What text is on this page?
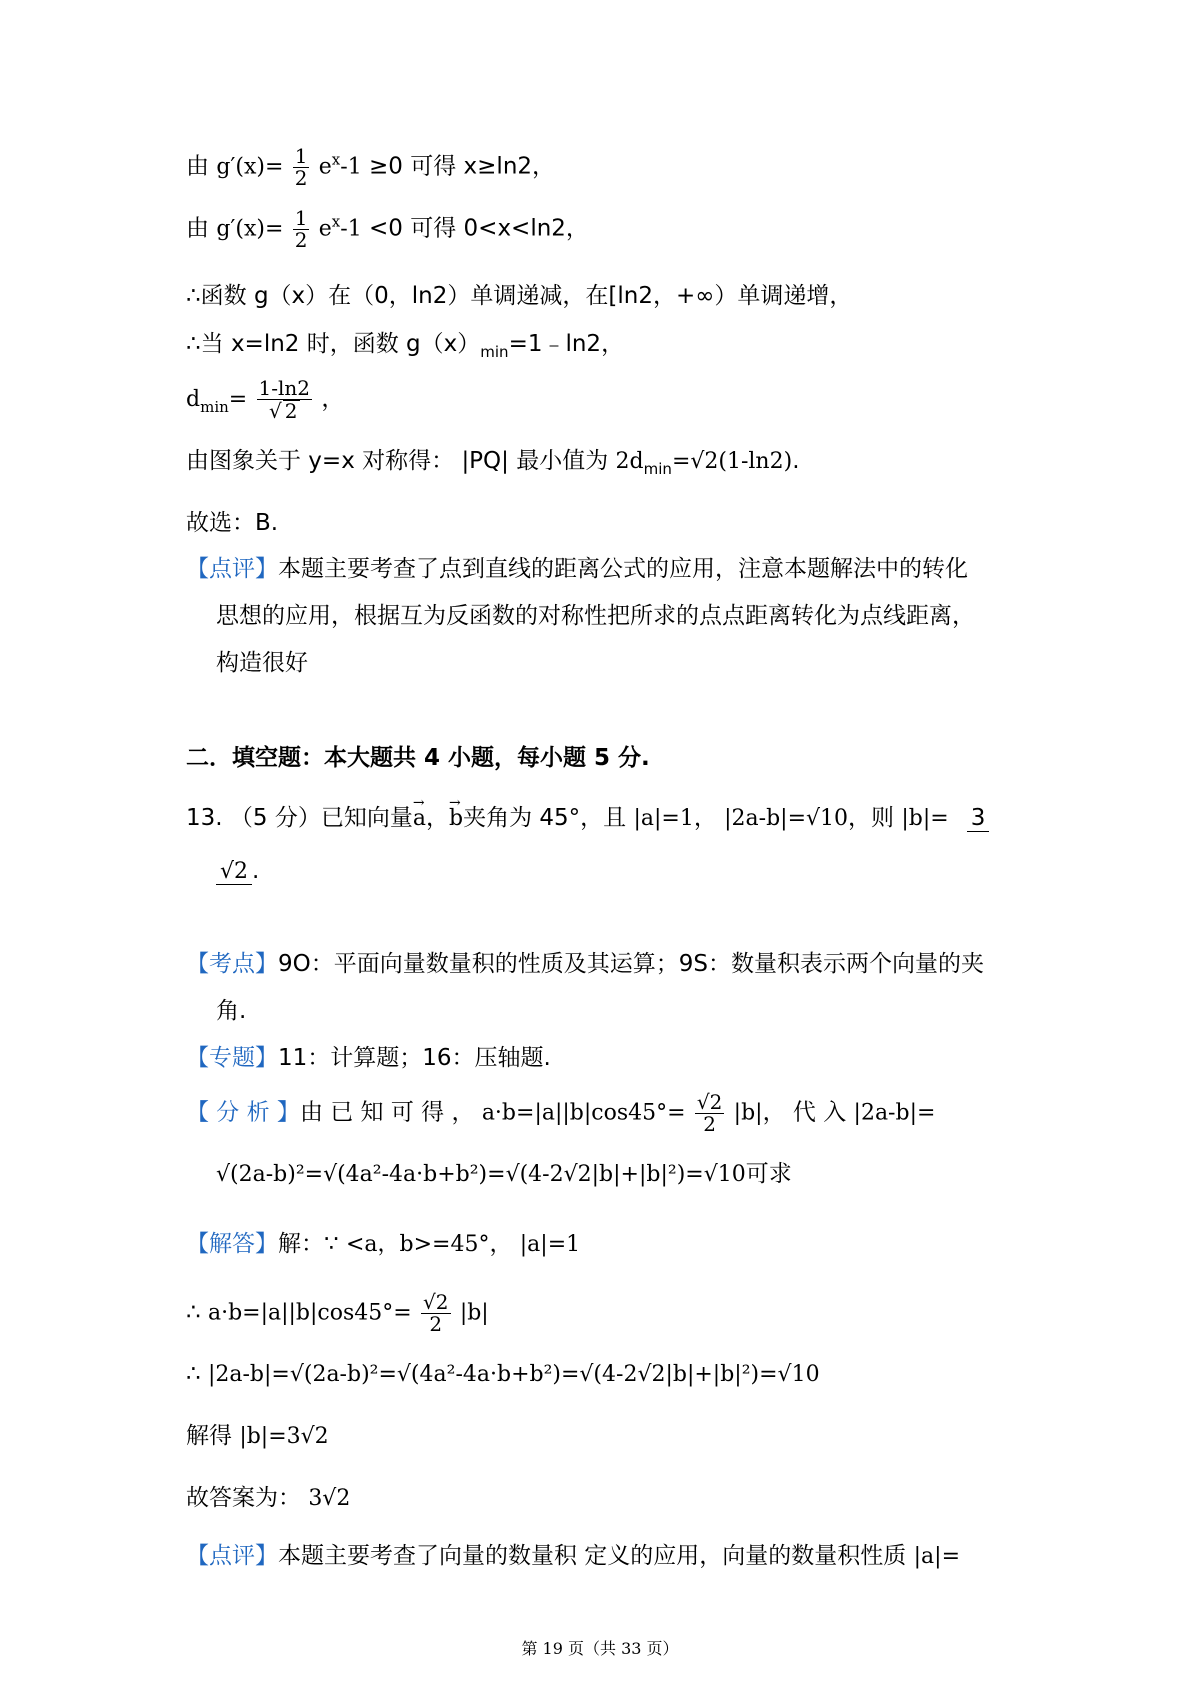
由 $g'(x)= \frac{1}{2} e^x-1 \ge 0$ 可得 x≥ln2，
由 $g'(x)= \frac{1}{2} e^x-1 <0$ 可得 0<x<ln2，
∴函数 g（x）在（0，ln2）单调递减，在[ln2，+∞）单调递增，
∴当 x=ln2 时，函数 $g(x)_{min}=1﹣\ln 2$，
$d_{min}= \frac{1-\ln 2}{√ 2}$ ，
由图象关于 y=x 对称得： |PQ| 最小值为 $2d_{min}=√2(1-\ln 2)$.
故选：B.
【点评】本题主要考查了点到直线的距离公式的应用，注意本题解法中的转化
思想的应用，根据互为反函数的对称性把所求的点点距离转化为点线距离，
构造很好
二．填空题：本大题共 4 小题，每小题 5 分.
13. （5 分）已知向量→ a，→ b夹角为 45°，且 |a|=1， |2a-b|=√10，则 |b|= 3
√2 .
【考点】9O：平面向量数量积的性质及其运算；9S：数量积表示两个向量的夹
角.
【专题】11：计算题；16：压轴题.
【 分 析 】由 已 知 可 得 ， $a\cdot b=|a||b|\cos 45^\circ= \frac{√2}{2} |b|$， 代 入 |2a-b|=
√(2a-b)²=√(4a²-4a·b+b²)=√(4-2√2|b|+|b|²)=√10可求
【解答】解：∵ <a，b>=45°， |a|=1
∴ $a\cdot b=|a||b|\cos 45^\circ= \frac{√2}{2} |b|$
∴ |2a-b|=√(2a-b)²=√(4a²-4a·b+b²)=√(4-2√2|b|+|b|²)=√10
解得 |b|=3√2
故答案为： 3√2
【点评】本题主要考查了向量的数量积 定义的应用，向量的数量积性质 |a|=
第 19 页（共 33 页）
